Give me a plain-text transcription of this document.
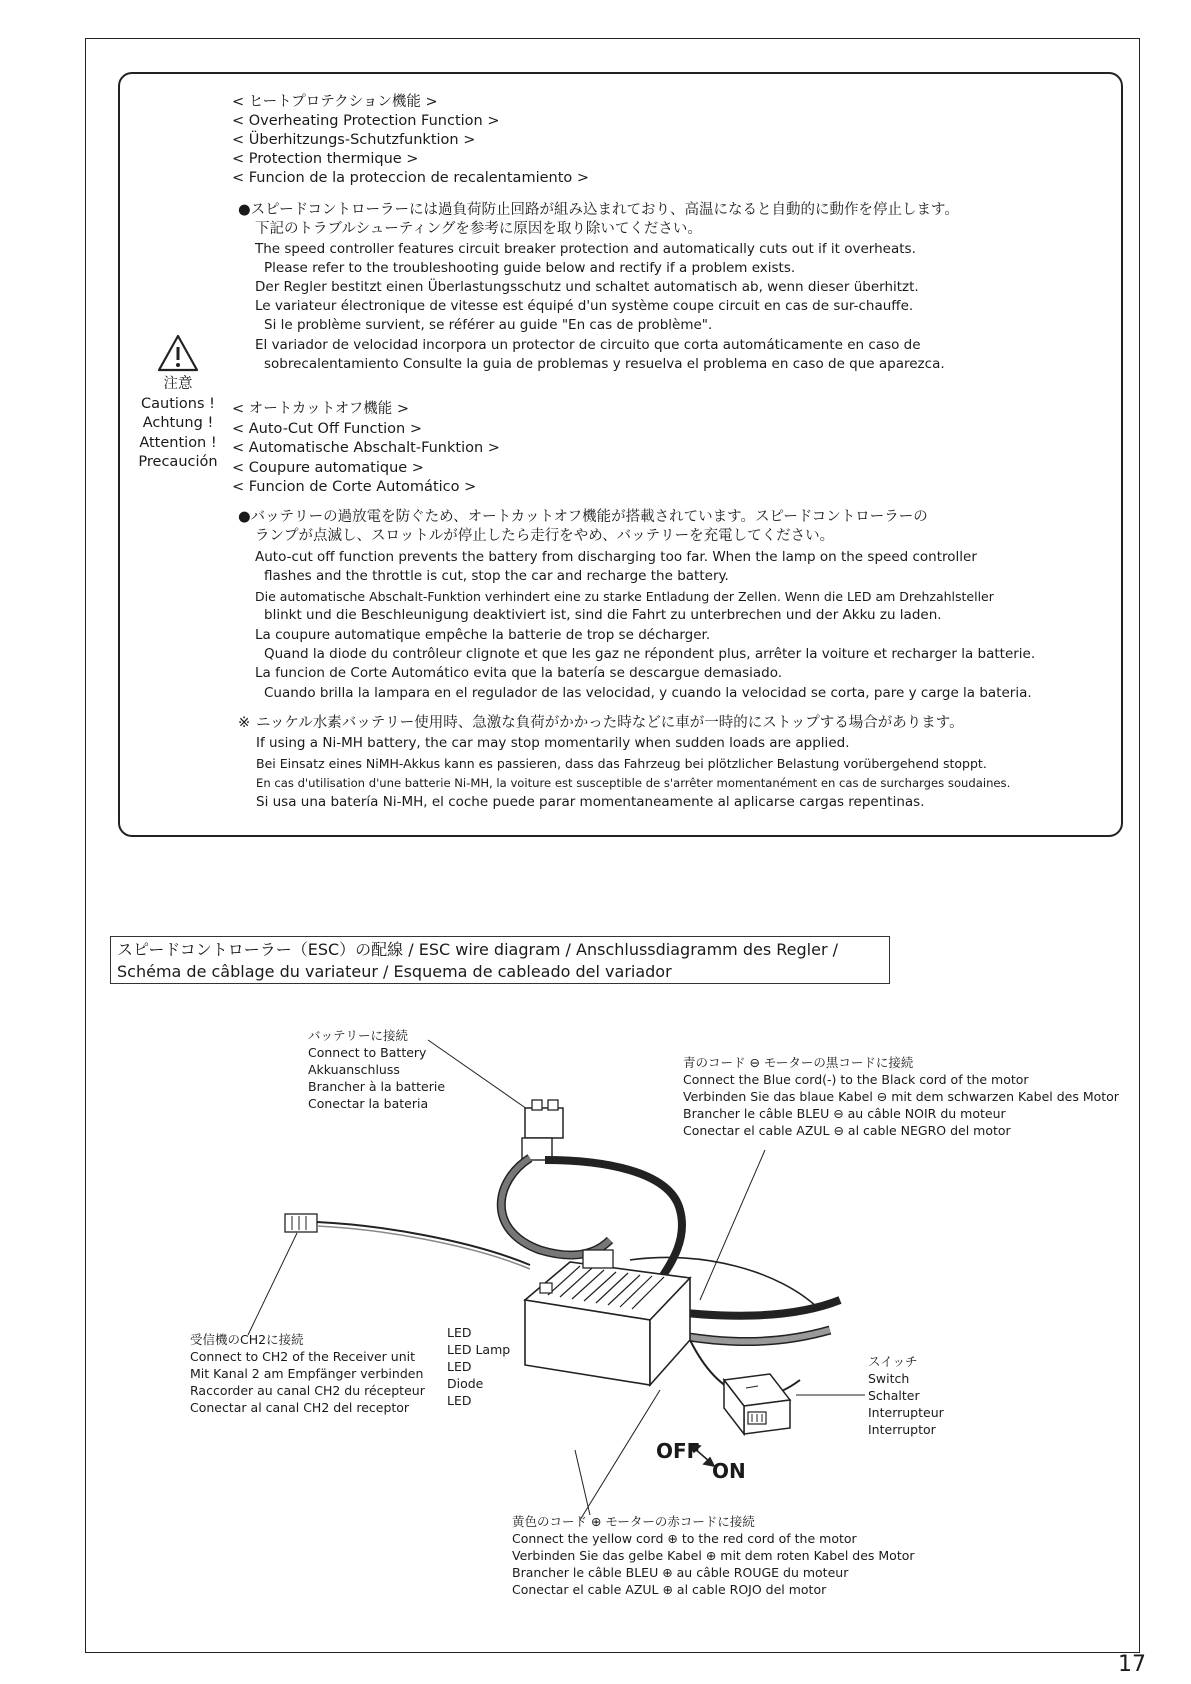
< ヒートプロテクション機能 >
< Overheating Protection Function >
< Überhitzungs-Schutzfunktion >
< Protection thermique >
< Funcion de la proteccion de recalentamiento >
●スピードコントローラーには過負荷防止回路が組み込まれており、高温になると自動的に動作を停止します。
下記のトラブルシューティングを参考に原因を取り除いてください。
The speed controller features circuit breaker protection and automatically cuts out if it overheats.
Please refer to the troubleshooting guide below and rectify if a problem exists.
Der Regler bestitzt einen Überlastungsschutz und schaltet automatisch ab, wenn dieser überhitzt.
Le variateur électronique de vitesse est équipé d'un système coupe circuit en cas de sur-chauffe.
Si le problème survient, se référer au guide "En cas de problème".
El variador de velocidad incorpora un protector de circuito que corta automáticamente en caso de
sobrecalentamiento Consulte la guia de problemas y resuelva el problema en caso de que aparezca.
注意
Cautions !
Achtung !
Attention !
Precaución
< オートカットオフ機能 >
< Auto-Cut Off Function >
< Automatische Abschalt-Funktion >
< Coupure automatique >
< Funcion de Corte Automático >
●バッテリーの過放電を防ぐため、オートカットオフ機能が搭載されています。スピードコントローラーの
ランプが点滅し、スロットルが停止したら走行をやめ、バッテリーを充電してください。
Auto-cut off function prevents the battery from discharging too far. When the lamp on the speed controller
flashes and the throttle is cut, stop the car and recharge the battery.
Die automatische Abschalt-Funktion verhindert eine zu starke Entladung der Zellen. Wenn die LED am Drehzahlsteller
blinkt und die Beschleunigung deaktiviert ist, sind die Fahrt zu unterbrechen und der Akku zu laden.
La coupure automatique empêche la batterie de trop se décharger.
Quand la diode du contrôleur clignote et que les gaz ne répondent plus, arrêter la voiture et recharger la batterie.
La funcion de Corte Automático evita que la batería se descargue demasiado.
Cuando brilla la lampara en el regulador de las velocidad, y cuando la velocidad se corta, pare y carge la bateria.
※ ニッケル水素バッテリー使用時、急激な負荷がかかった時などに車が一時的にストップする場合があります。
If using a Ni-MH battery, the car may stop momentarily when sudden loads are applied.
Bei Einsatz eines NiMH-Akkus kann es passieren, dass das Fahrzeug bei plötzlicher Belastung vorübergehend stoppt.
En cas d'utilisation d'une batterie Ni-MH, la voiture est susceptible de s'arrêter momentanément en cas de surcharges soudaines.
Si usa una batería Ni-MH, el coche puede parar momentaneamente al aplicarse cargas repentinas.
スピードコントローラー（ESC）の配線 / ESC wire diagram / Anschlussdiagramm des Regler /
Schéma de câblage du variateur / Esquema de cableado del variador
バッテリーに接続
Connect to Battery
Akkuanschluss
Brancher à la batterie
Conectar la bateria
青のコード ⊖ モーターの黒コードに接続
Connect the Blue cord(-) to the Black cord of the motor
Verbinden Sie das blaue Kabel ⊖ mit dem schwarzen Kabel des Motor
Brancher le câble BLEU ⊖ au câble NOIR du moteur
Conectar el cable AZUL ⊖ al cable NEGRO del motor
受信機のCH2に接続
Connect to CH2 of the Receiver unit
Mit Kanal 2 am Empfänger verbinden
Raccorder au canal CH2 du récepteur
Conectar al canal CH2 del receptor
LED
LED Lamp
LED
Diode
LED
スイッチ
Switch
Schalter
Interrupteur
Interruptor
OFF
ON
黄色のコード ⊕ モーターの赤コードに接続
Connect the yellow cord ⊕ to the red cord of the motor
Verbinden Sie das gelbe Kabel ⊕ mit dem roten Kabel des Motor
Brancher le câble BLEU ⊕ au câble ROUGE du moteur
Conectar el cable AZUL ⊕ al cable ROJO del motor
17
